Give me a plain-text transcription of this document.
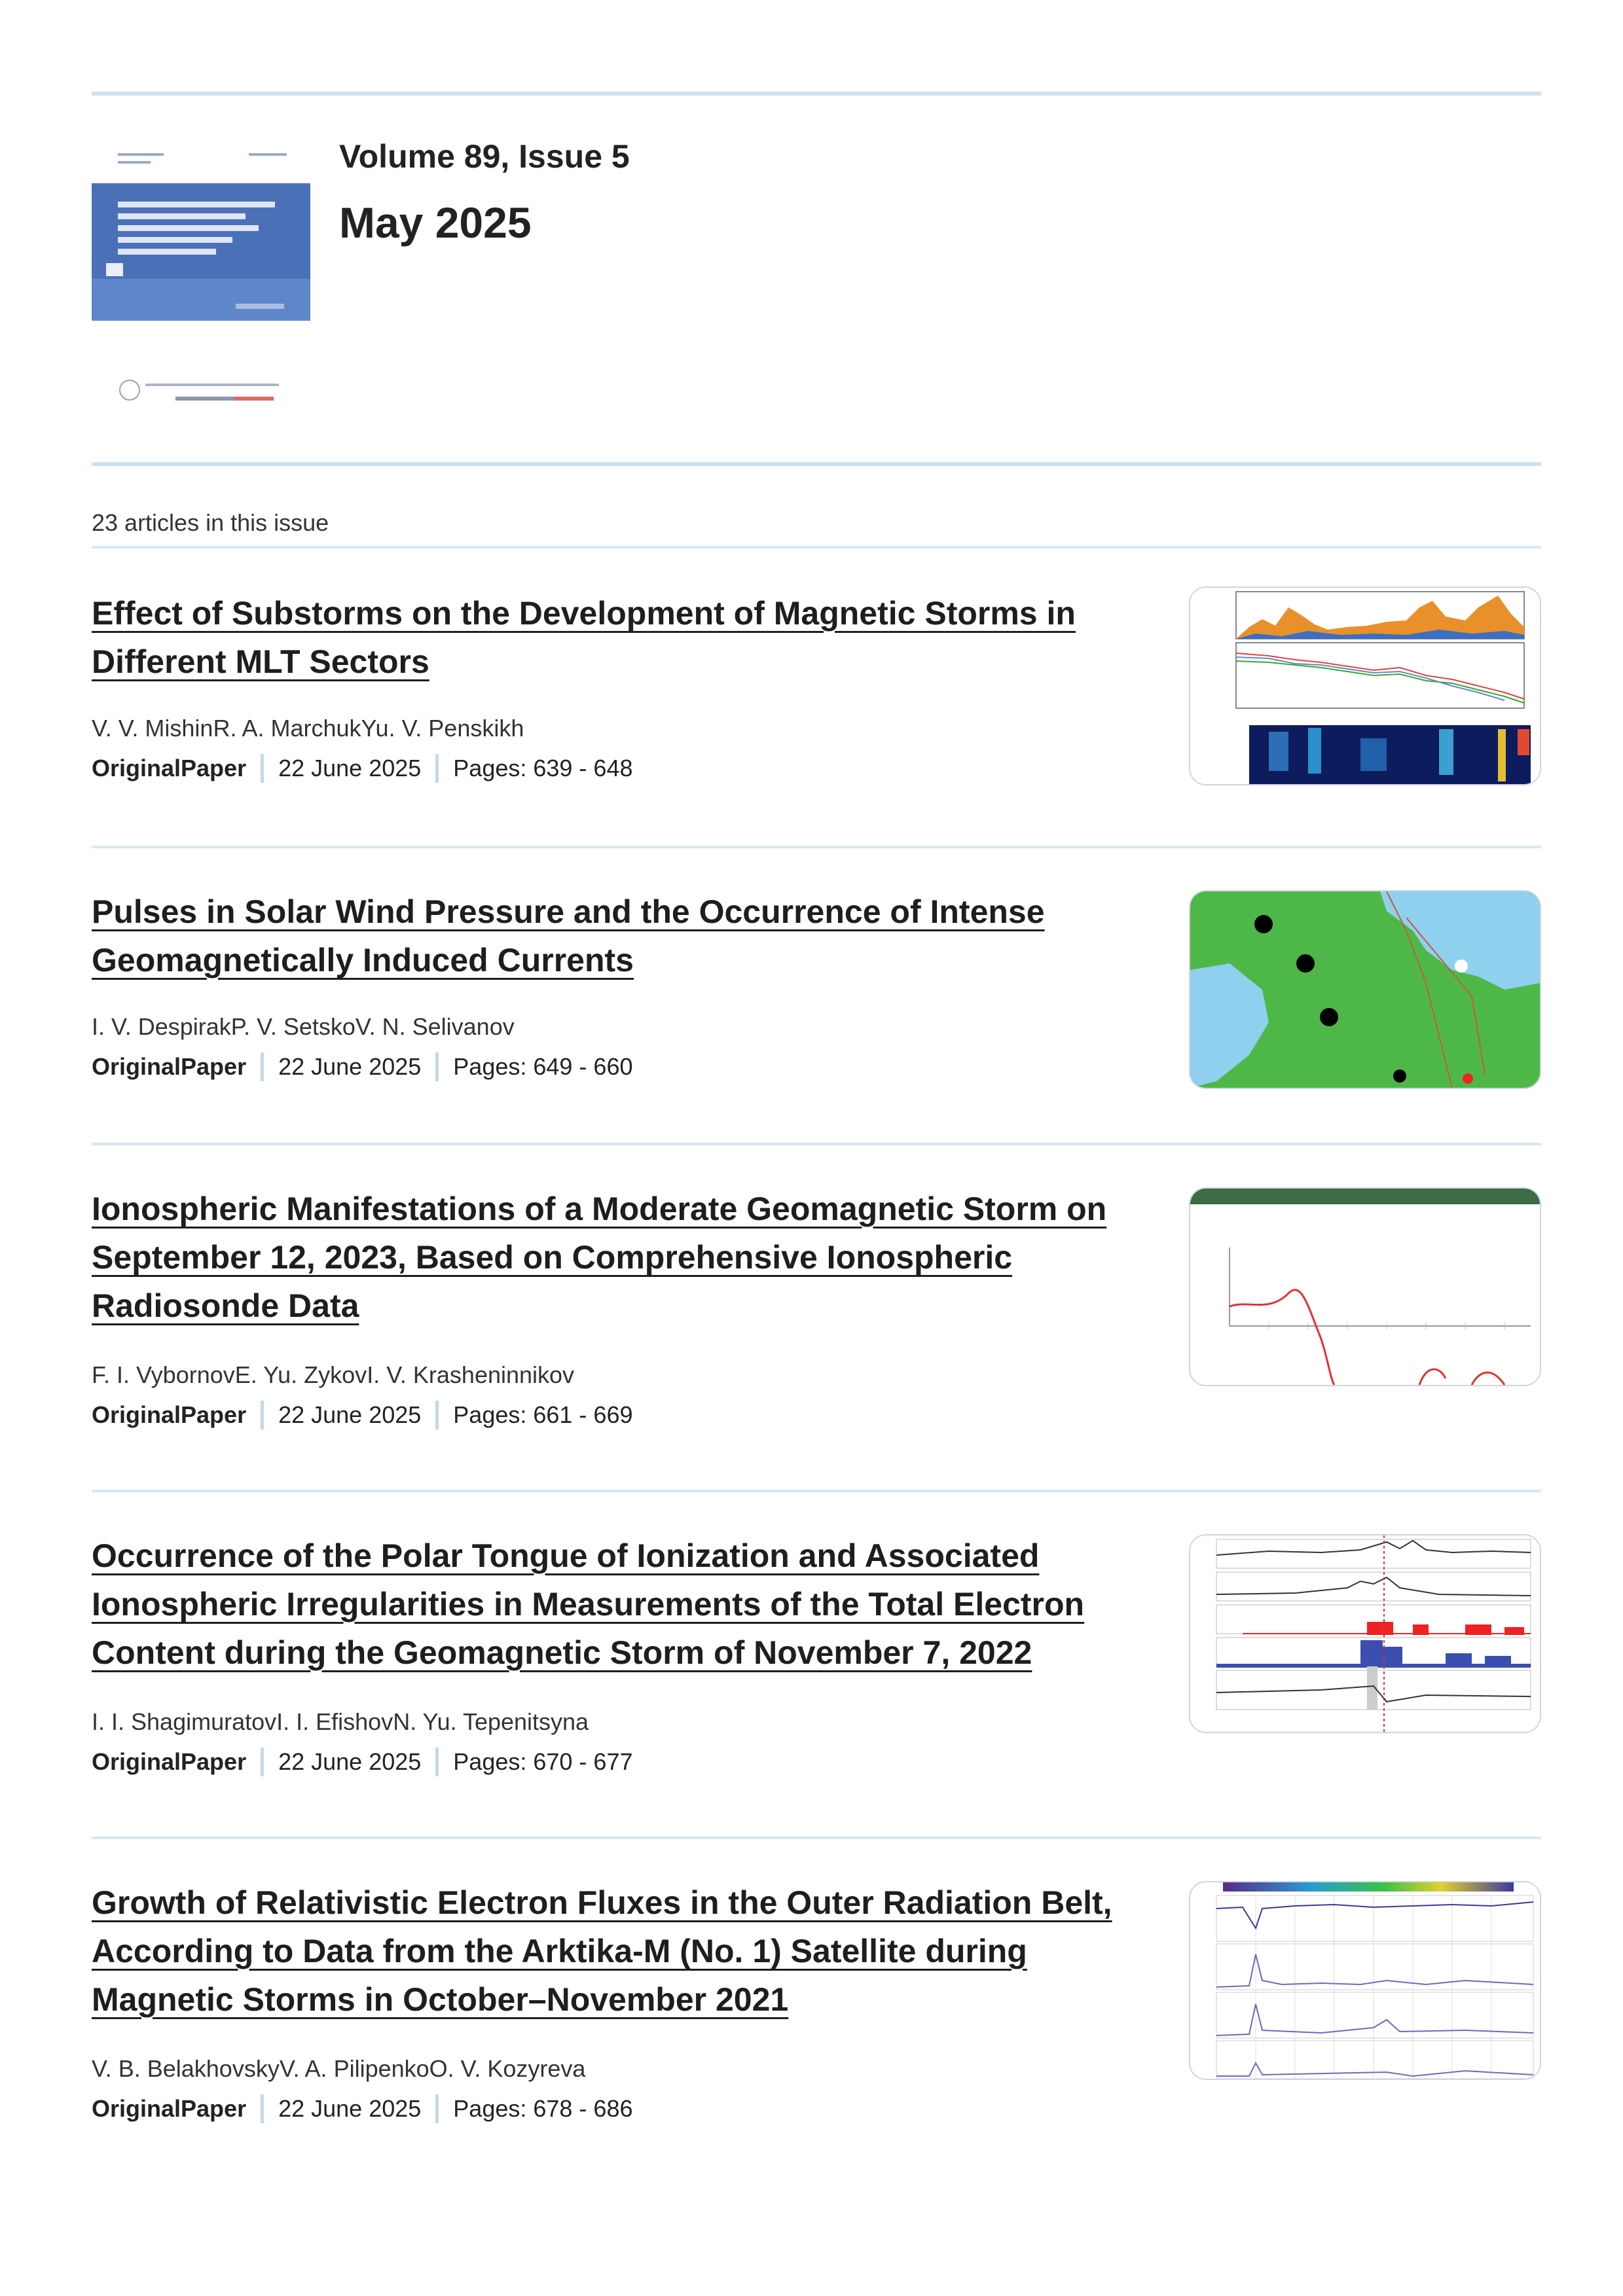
Volume 89, Issue 5
May 2025
23 articles in this issue
Effect of Substorms on the Development of Magnetic Storms in Different MLT Sectors
V. V. MishinR. A. MarchukYu. V. Penskikh
OriginalPaper 22 June 2025 Pages: 639 - 648
Pulses in Solar Wind Pressure and the Occurrence of Intense Geomagnetically Induced Currents
I. V. DespirakP. V. SetskoV. N. Selivanov
OriginalPaper 22 June 2025 Pages: 649 - 660
Ionospheric Manifestations of a Moderate Geomagnetic Storm on September 12, 2023, Based on Comprehensive Ionospheric Radiosonde Data
F. I. VybornovE. Yu. ZykovI. V. Krasheninnikov
OriginalPaper 22 June 2025 Pages: 661 - 669
Occurrence of the Polar Tongue of Ionization and Associated Ionospheric Irregularities in Measurements of the Total Electron Content during the Geomagnetic Storm of November 7, 2022
I. I. ShagimuratovI. I. EfishovN. Yu. Tepenitsyna
OriginalPaper 22 June 2025 Pages: 670 - 677
Growth of Relativistic Electron Fluxes in the Outer Radiation Belt, According to Data from the Arktika-M (No. 1) Satellite during Magnetic Storms in October–November 2021
V. B. BelakhovskyV. A. PilipenkoO. V. Kozyreva
OriginalPaper 22 June 2025 Pages: 678 - 686
